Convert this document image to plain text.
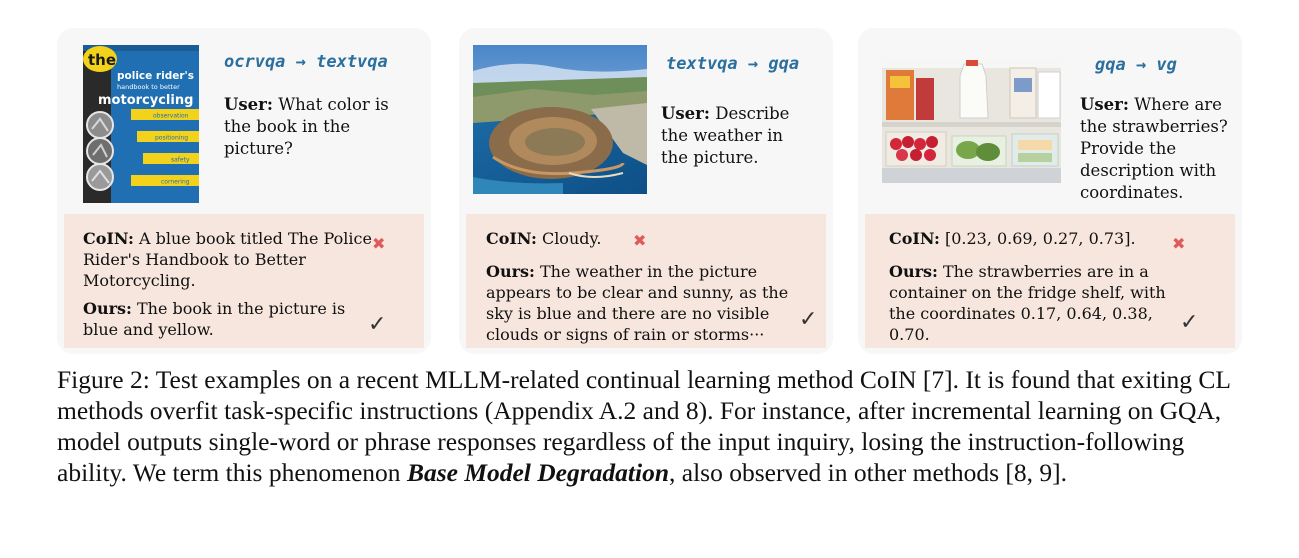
the
police rider's
handbook to better
motorcycling
observation
positioning
safety
cornering
ocrvqa → textvqa
User: What color is the book in the picture?
CoIN: A blue book titled The Police Rider's Handbook to Better Motorcycling.
✖
Ours: The book in the picture is blue and yellow.	✓
textvqa → gqa
User: Describe the weather in the picture.
CoIN: Cloudy.	✖
Ours: The weather in the picture appears to be clear and sunny, as the sky is blue and there are no visible clouds or signs of rain or storms···
✓
gqa → vg
User: Where are the strawberries? Provide the description with coordinates.
CoIN: [0.23, 0.69, 0.27, 0.73].	✖
Ours: The strawberries are in a container on the fridge shelf, with the coordinates 0.17, 0.64, 0.38, 0.70.	✓
Figure 2: Test examples on a recent MLLM-related continual learning method CoIN [7]. It is found that exiting CL methods overfit task-specific instructions (Appendix A.2 and 8). For instance, after incremental learning on GQA, model outputs single-word or phrase responses regardless of the input inquiry, losing the instruction-following ability. We term this phenomenon Base Model Degradation, also observed in other methods [8, 9].
